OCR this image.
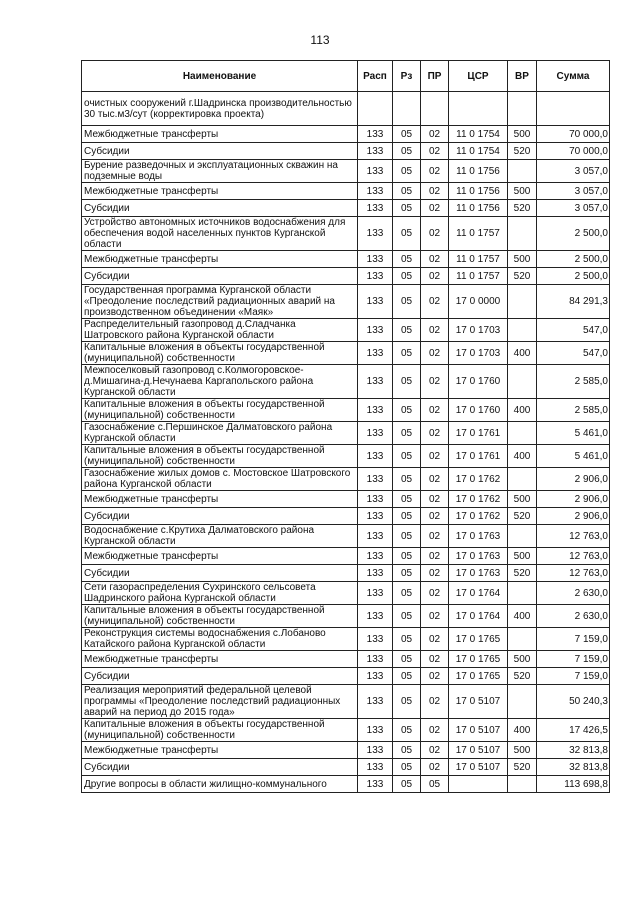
113
Наименование	Расп	Рз	ПР	ЦСР	ВР	Сумма
очистных сооружений г.Шадринска производительностью 30 тыс.м3/сут (корректировка проекта)						
Межбюджетные трансферты	133	05	02	11 0 1754	500	70 000,0
Субсидии	133	05	02	11 0 1754	520	70 000,0
Бурение разведочных и эксплуатационных скважин на подземные воды	133	05	02	11 0 1756		3 057,0
Межбюджетные трансферты	133	05	02	11 0 1756	500	3 057,0
Субсидии	133	05	02	11 0 1756	520	3 057,0
Устройство автономных источников водоснабжения для обеспечения водой населенных пунктов Курганской области	133	05	02	11 0 1757		2 500,0
Межбюджетные трансферты	133	05	02	11 0 1757	500	2 500,0
Субсидии	133	05	02	11 0 1757	520	2 500,0
Государственная программа Курганской области «Преодоление последствий радиационных аварий на производственном объединении «Маяк»	133	05	02	17 0 0000		84 291,3
Распределительный газопровод д.Сладчанка Шатровского района Курганской области	133	05	02	17 0 1703		547,0
Капитальные вложения в объекты государственной (муниципальной) собственности	133	05	02	17 0 1703	400	547,0
Межпоселковый газопровод с.Колмогоровское-д.Мишагина-д.Нечунаева Каргапольского района Курганской области	133	05	02	17 0 1760		2 585,0
Капитальные вложения в объекты государственной (муниципальной) собственности	133	05	02	17 0 1760	400	2 585,0
Газоснабжение с.Першинское Далматовского района Курганской области	133	05	02	17 0 1761		5 461,0
Капитальные вложения в объекты государственной (муниципальной) собственности	133	05	02	17 0 1761	400	5 461,0
Газоснабжение жилых домов с. Мостовское Шатровского района Курганской области	133	05	02	17 0 1762		2 906,0
Межбюджетные трансферты	133	05	02	17 0 1762	500	2 906,0
Субсидии	133	05	02	17 0 1762	520	2 906,0
Водоснабжение с.Крутиха Далматовского района Курганской области	133	05	02	17 0 1763		12 763,0
Межбюджетные трансферты	133	05	02	17 0 1763	500	12 763,0
Субсидии	133	05	02	17 0 1763	520	12 763,0
Сети газораспределения Сухринского сельсовета Шадринского района Курганской области	133	05	02	17 0 1764		2 630,0
Капитальные вложения в объекты государственной (муниципальной) собственности	133	05	02	17 0 1764	400	2 630,0
Реконструкция системы водоснабжения с.Лобаново Катайского района Курганской области	133	05	02	17 0 1765		7 159,0
Межбюджетные трансферты	133	05	02	17 0 1765	500	7 159,0
Субсидии	133	05	02	17 0 1765	520	7 159,0
Реализация мероприятий федеральной целевой программы «Преодоление последствий радиационных аварий на период до 2015 года»	133	05	02	17 0 5107		50 240,3
Капитальные вложения в объекты государственной (муниципальной) собственности	133	05	02	17 0 5107	400	17 426,5
Межбюджетные трансферты	133	05	02	17 0 5107	500	32 813,8
Субсидии	133	05	02	17 0 5107	520	32 813,8
Другие вопросы в области жилищно-коммунального	133	05	05			113 698,8
